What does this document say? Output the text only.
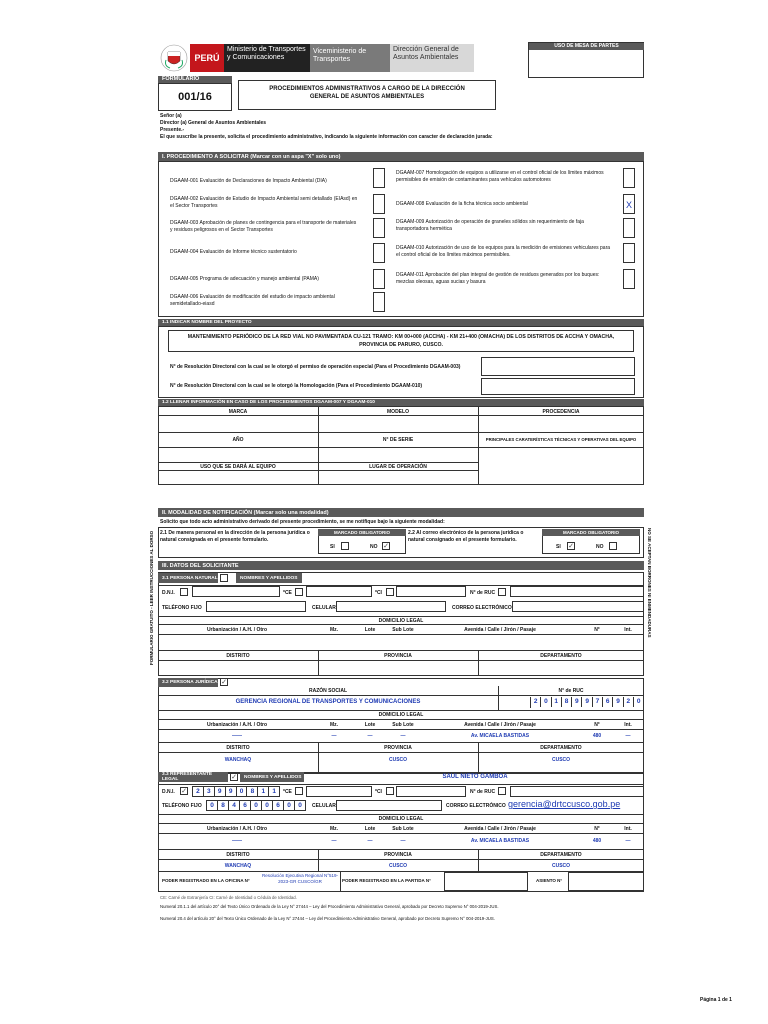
PERÚ
Ministerio de Transportes y Comunicaciones
Viceministerio de Transportes
Dirección General de Asuntos Ambientales
USO DE MESA DE PARTES
FORMULARIO
001/16
PROCEDIMIENTOS ADMINISTRATIVOS A CARGO DE LA DIRECCIÓN GENERAL DE ASUNTOS AMBIENTALES
Señor (a)
Director (a) General de Asuntos Ambientales
Presente.-
El que suscribe la presente, solicita el procedimiento administrativo, indicando la siguiente información con caracter de declaración jurada:
I. PROCEDIMIENTO A SOLICITAR (Marcar con un aspa "X" solo uno)
DGAAM-001 Evaluación de Declaraciones de Impacto Ambiental (DIA)
DGAAM-002 Evaluación de Estudio de Impacto Ambiental semi detallado (EIAsd) en el Sector Transportes
DGAAM-003 Aprobación de planes de contingencia para el transporte de materiales y residuos peligrosos en el Sector Transportes
DGAAM-004 Evaluación de Informe técnico sustentatorio
DGAAM-005 Programa de adecuación y manejo ambiental (PAMA)
DGAAM-006 Evaluación de modificación del estudio de impacto ambiental semidetallado-eiasd
DGAAM-007 Homologación de equipos a utilizarse en el control oficial de los límites máximos permisibles de emisión de contaminantes para vehículos automotores
DGAAM-008 Evaluación de la ficha técnica socio ambiental	X
DGAAM-009 Autorización de operación de graneles sólidos sin requerimiento de faja transportadora hermética
DGAAM-010 Autorización de uso de los equipos para la medición de emisiones vehiculares para el control oficial de los límites máximos permisibles.
DGAAM-011 Aprobación del plan integral de gestión de residuos generados por los buques: mezclas oleosas, aguas sucias y basura
1.1 INDICAR NOMBRE DEL PROYECTO
MANTENIMIENTO PERIÓDICO DE LA RED VIAL NO PAVIMENTADA CU-121 TRAMO: KM 00+000 (ACCHA) - KM 21+400 (OMACHA) DE LOS DISTRITOS DE ACCHA Y OMACHA, PROVINCIA DE PARURO, CUSCO.
N° de Resolución Directoral con la cual se le otorgó el permiso de operación especial (Para el Procedimiento DGAAM-003)
N° de Resolución Directoral con la cual se le otorgó la Homologación (Para el Procedimiento DGAAM-010)
1.2 LLENAR INFORMACIÓN EN CASO DE LOS PROCEDIMIENTOS DGAAM-007 Y DGAAM-010
MARCA	MODELO	PROCEDENCIA
AÑO	N° DE SERIE	PRINCIPALES CARATERÍSTICAS TÉCNICAS Y OPERATIVAS DEL EQUIPO
USO QUE SE DARÁ AL EQUIPO	LUGAR DE OPERACIÓN
II. MODALIDAD DE NOTIFICACIÓN (Marcar solo una modalidad)
Solicito que todo acto administrativo derivado del presente procedimiento, se me notifique bajo la siguiente modalidad:
2.1 De manera personal en la dirección de la persona jurídica o natural consignada en el presente formulario.
MARCADO OBLIGATORIO
SI	NO ✓
2.2 Al correo electrónico de la persona jurídica o natural consignado en el presente formulario.
MARCADO OBLIGATORIO
SI ✓	NO
III. DATOS DEL SOLICITANTE
3.1 PERSONA NATURAL	NOMBRES Y APELLIDOS
D.N.I.	*CE	*CI	N° de RUC
TELÉFONO FIJO	CELULAR	CORREO ELECTRÓNICO
DOMICILIO LEGAL
Urbanización / A.H. / Otro	Mz.	Lote	Sub Lote	Avenida / Calle / Jirón / Pasaje	N°	Int.
DISTRITO	PROVINCIA	DEPARTAMENTO
3.2 PERSONA JURÍDICA ✓
RAZÓN SOCIAL	N° de RUC
GERENCIA REGIONAL DE TRANSPORTES Y COMUNICACIONES	2	0	1	8	9	9	7	6	9	2	0
DOMICILIO LEGAL
Urbanización / A.H. / Otro	Mz.	Lote	Sub Lote	Avenida / Calle / Jirón / Pasaje	N°	Int.
——	—	—	—	Av. MICAELA BASTIDAS	480	—
DISTRITO	PROVINCIA	DEPARTAMENTO
WANCHAQ	CUSCO	CUSCO
3.3 REPRESENTANTE LEGAL	✓	NOMBRES Y APELLIDOS	SAUL NIETO GAMBOA
D.N.I. ✓	2	3	9	9	0	8	1	1	*CE	*CI	N° de RUC
TELÉFONO FIJO	0	8	4	6	0	0	6	0	0	CELULAR	CORREO ELECTRÓNICO gerencia@drtccusco.gob.pe
DOMICILIO LEGAL
Urbanización / A.H. / Otro	Mz.	Lote	Sub Lote	Avenida / Calle / Jirón / Pasaje	N°	Int.
——	—	—	—	Av. MICAELA BASTIDAS	480	—
DISTRITO	PROVINCIA	DEPARTAMENTO
WANCHAQ	CUSCO	CUSCO
PODER REGISTRADO EN LA OFICINA N°
Resolución Ejecutiva Regional N°519-2023-GR CUSCO/GR	PODER REGISTRADO EN LA PARTIDA N°	ASIENTO N°
CE: Carné de Extranjería CI: Carné de Identidad o Cédula de Identidad.
Numeral 20.1.1 del artículo 20° del Texto Único Ordenado de la Ley N° 27444 – Ley del Procedimiento Administrativo General, aprobado por Decreto Supremo N° 004-2019-JUS.
Numeral 20.4 del artículo 20° del Texto Único Ordenado de la Ley N° 27444 – Ley del Procedimiento Administrativo General, aprobado por Decreto Supremo N° 004-2019-JUS.
FORMULARIO GRATUITO - LEER INSTRUCCIONES AL DORSO	NO SE ACEPTAN BORRONES NI ENMENDADURAS
Página 1 de 1
